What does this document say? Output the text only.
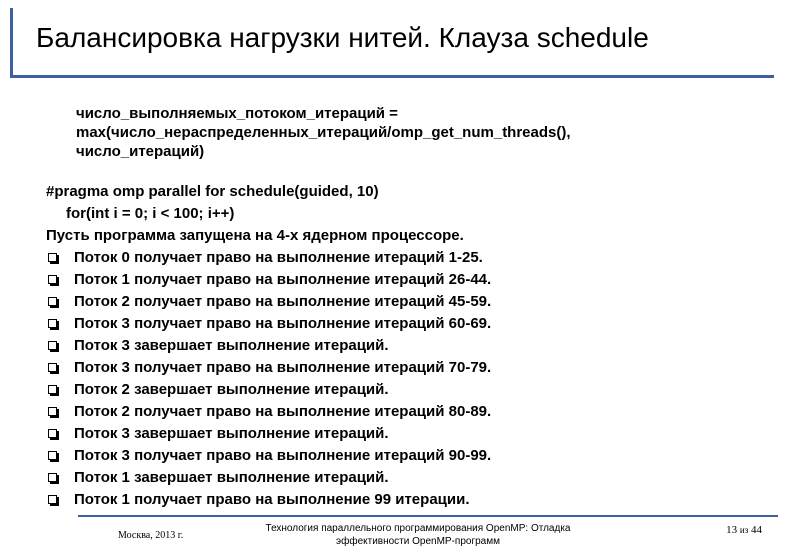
Балансировка нагрузки нитей. Клауза schedule
число_выполняемых_потоком_итераций =
max(число_нераспределенных_итераций/omp_get_num_threads(),
число_итераций)
#pragma omp parallel for schedule(guided, 10)
for(int i = 0; i < 100; i++)
Пусть программа запущена на 4-х ядерном процессоре.
Поток 0 получает право на выполнение итераций 1-25.
Поток 1 получает право на выполнение итераций 26-44.
Поток 2 получает право на выполнение итераций 45-59.
Поток 3 получает право на выполнение итераций 60-69.
Поток 3 завершает выполнение итераций.
Поток 3 получает право на выполнение итераций 70-79.
Поток 2 завершает выполнение итераций.
Поток 2 получает право на выполнение итераций 80-89.
Поток 3 завершает выполнение итераций.
Поток 3 получает право на выполнение итераций 90-99.
Поток 1 завершает выполнение итераций.
Поток 1 получает право на выполнение 99 итерации.
Москва, 2013 г.
Технология параллельного программирования OpenMP: Отладка
эффективности OpenMP-программ
13 из 44
